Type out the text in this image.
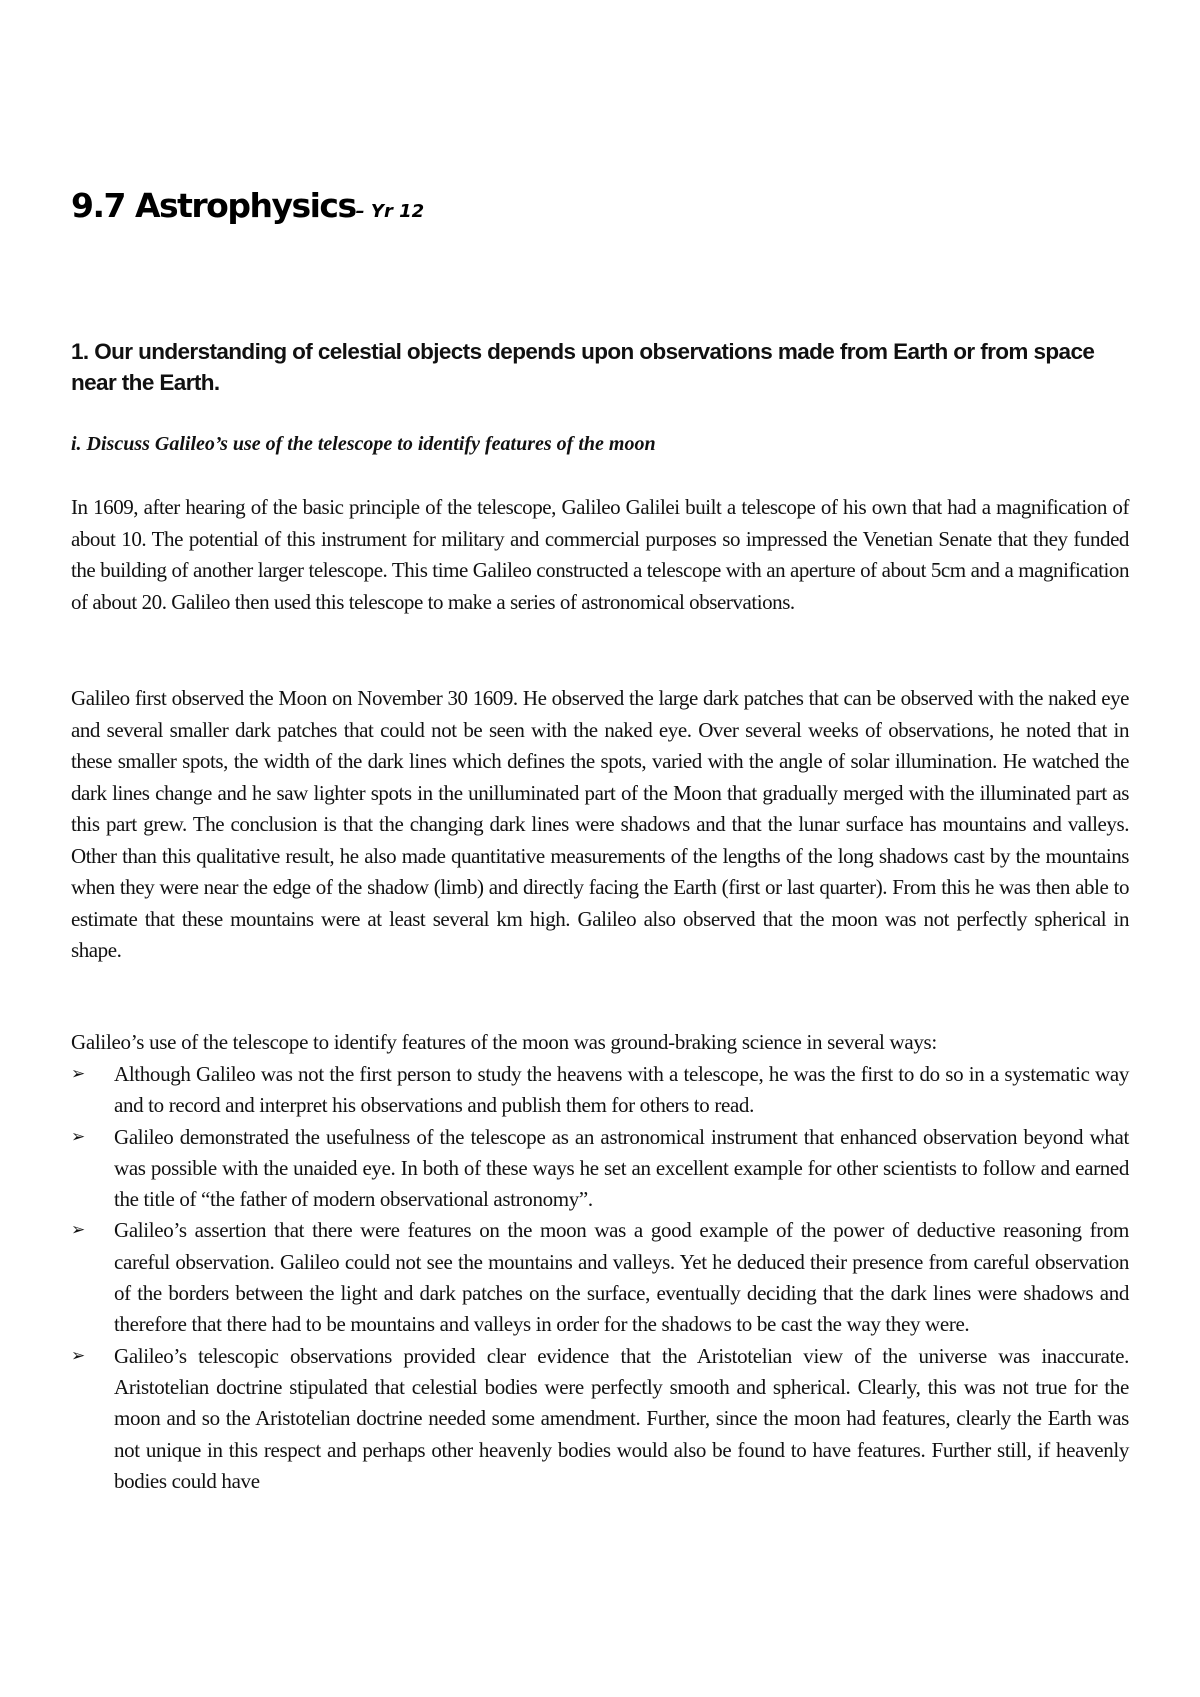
9.7 Astrophysics– Yr 12
1. Our understanding of celestial objects depends upon observations made from Earth or from space near the Earth.
i. Discuss Galileo’s use of the telescope to identify features of the moon

In 1609, after hearing of the basic principle of the telescope, Galileo Galilei built a telescope of his own that had a magnification of about 10. The potential of this instrument for military and commercial purposes so impressed the Venetian Senate that they funded the building of another larger telescope. This time Galileo constructed a telescope with an aperture of about 5cm and a magnification of about 20. Galileo then used this telescope to make a series of astronomical observations.

Galileo first observed the Moon on November 30 1609. He observed the large dark patches that can be observed with the naked eye and several smaller dark patches that could not be seen with the naked eye. Over several weeks of observations, he noted that in these smaller spots, the width of the dark lines which defines the spots, varied with the angle of solar illumination. He watched the dark lines change and he saw lighter spots in the unilluminated part of the Moon that gradually merged with the illuminated part as this part grew. The conclusion is that the changing dark lines were shadows and that the lunar surface has mountains and valleys. Other than this qualitative result, he also made quantitative measurements of the lengths of the long shadows cast by the mountains when they were near the edge of the shadow (limb) and directly facing the Earth (first or last quarter). From this he was then able to estimate that these mountains were at least several km high. Galileo also observed that the moon was not perfectly spherical in shape.

Galileo’s use of the telescope to identify features of the moon was ground-braking science in several ways:

➢ Although Galileo was not the first person to study the heavens with a telescope, he was the first to do so in a systematic way and to record and interpret his observations and publish them for others to read.
➢ Galileo demonstrated the usefulness of the telescope as an astronomical instrument that enhanced observation beyond what was possible with the unaided eye. In both of these ways he set an excellent example for other scientists to follow and earned the title of “the father of modern observational astronomy”.
➢ Galileo’s assertion that there were features on the moon was a good example of the power of deductive reasoning from careful observation. Galileo could not see the mountains and valleys. Yet he deduced their presence from careful observation of the borders between the light and dark patches on the surface, eventually deciding that the dark lines were shadows and therefore that there had to be mountains and valleys in order for the shadows to be cast the way they were.
➢ Galileo’s telescopic observations provided clear evidence that the Aristotelian view of the universe was inaccurate. Aristotelian doctrine stipulated that celestial bodies were perfectly smooth and spherical. Clearly, this was not true for the moon and so the Aristotelian doctrine needed some amendment. Further, since the moon had features, clearly the Earth was not unique in this respect and perhaps other heavenly bodies would also be found to have features. Further still, if heavenly bodies could have
